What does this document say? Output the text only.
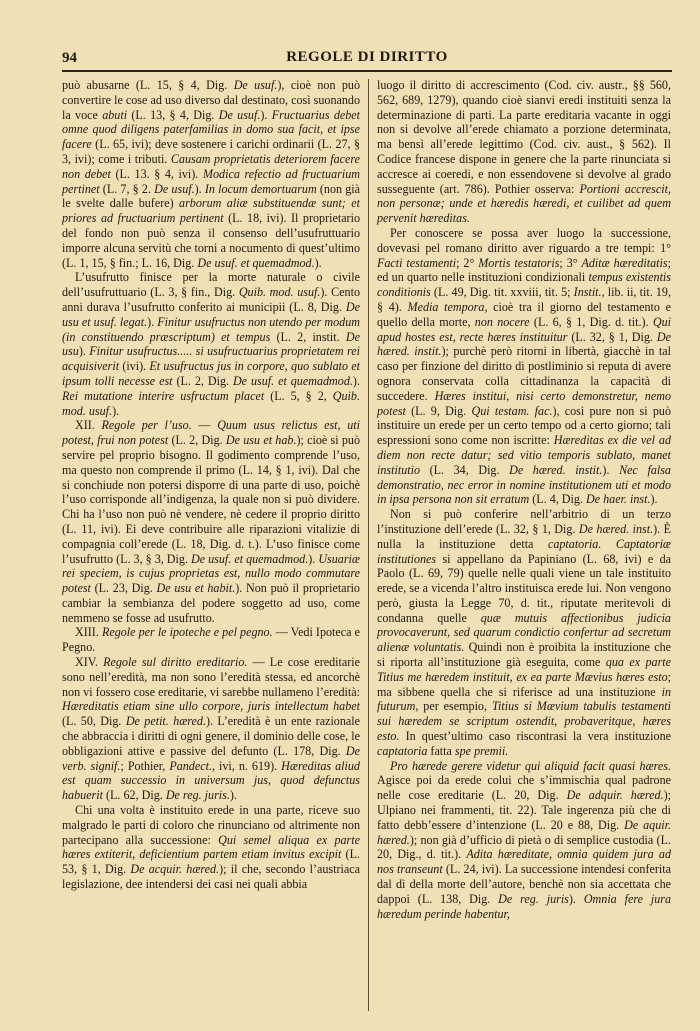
94	REGOLE DI DIRITTO

può abusarne (L. 15, § 4, Dig. De usuf.), cioè non può convertire le cose ad uso diverso dal destinato, così suonando la voce abuti (L. 13, § 4, Dig. De usuf.). Fructuarius debet omne quod diligens paterfamilias in domo sua facit, et ipse facere (L. 65, ivi); deve sostenere i carichi ordinarii (L. 27, § 3, ivi); come i tributi. Causam proprietatis deteriorem facere non debet (L. 13. § 4, ivi). Modica refectio ad fructuarium pertinet (L. 7, § 2. De usuf.). In locum demortuarum (non già le svelte dalle bufere) arborum aliæ substituendæ sunt; et priores ad fructuarium pertinent (L. 18, ivi). Il proprietario del fondo non può senza il consenso dell’usufruttuario imporre alcuna servitù che torni a nocumento di quest’ultimo (L. 1, 15, § fin.; L. 16, Dig. De usuf. et quemadmod.).

L’usufrutto finisce per la morte naturale o civile dell’usufruttuario (L. 3, § fin., Dig. Quib. mod. usuf.). Cento anni durava l’usufrutto conferito ai municipii (L. 8, Dig. De usu et usuf. legat.). Finitur usufructus non utendo per modum (in constituendo præscriptum) et tempus (L. 2, instit. De usu). Finitur usufructus..... si usufructuarius proprietatem rei acquisiverit (ivi). Et usufructus jus in corpore, quo sublato et ipsum tolli necesse est (L. 2, Dig. De usuf. et quemadmod.). Rei mutatione interire usfructum placet (L. 5, § 2, Quib. mod. usuf.).

XII. Regole per l’uso. — Quum usus relictus est, uti potest, frui non potest (L. 2, Dig. De usu et hab.); cioè si può servire pel proprio bisogno. Il godimento comprende l’uso, ma questo non comprende il primo (L. 14, § 1, ivi). Dal che si conchiude non potersi disporre di una parte di uso, poichè l’uso corrisponde all’indigenza, la quale non si può dividere. Chi ha l’uso non può nè vendere, nè cedere il proprio diritto (L. 11, ivi). Ei deve contribuire alle riparazioni vitalizie di compagnia coll’erede (L. 18, Dig. d. t.). L’uso finisce come l’usufrutto (L. 3, § 3, Dig. De usuf. et quemadmod.). Usuariæ rei speciem, is cujus proprietas est, nullo modo commutare potest (L. 23, Dig. De usu et habit.). Non può il proprietario cambiar la sembianza del podere soggetto ad uso, come nemmeno se fosse ad usufrutto.

XIII. Regole per le ipoteche e pel pegno. — Vedi Ipoteca e Pegno.

XIV. Regole sul diritto ereditario. — Le cose ereditarie sono nell’eredità, ma non sono l’eredità stessa, ed ancorchè non vi fossero cose ereditarie, vi sarebbe nullameno l’eredità: Hæreditatis etiam sine ullo corpore, juris intellectum habet (L. 50, Dig. De petit. hæred.). L’eredità è un ente razionale che abbraccia i diritti di ogni genere, il dominio delle cose, le obbligazioni attive e passive del defunto (L. 178, Dig. De verb. signif.; Pothier, Pandect., ivi, n. 619). Hæreditas aliud est quam successio in universum jus, quod defunctus habuerit (L. 62, Dig. De reg. juris.).

Chi una volta è instituito erede in una parte, riceve suo malgrado le parti di coloro che rinunciano od altrimente non partecipano alla successione: Qui semel aliqua ex parte hæres extiterit, deficientium partem etiam invitus excipit (L. 53, § 1, Dig. De acquir. hæred.); il che, secondo l’austriaca legislazione, dee intendersi dei casi nei quali abbia

luogo il diritto di accrescimento (Cod. civ. austr., §§ 560, 562, 689, 1279), quando cioè sianvi eredi instituiti senza la determinazione di parti. La parte ereditaria vacante in oggi non si devolve all’erede chiamato a porzione determinata, ma bensì all’erede legittimo (Cod. civ. aust., § 562). Il Codice francese dispone in genere che la parte rinunciata si accresce ai coeredi, e non essendovene si devolve al grado susseguente (art. 786). Pothier osserva: Portioni accrescit, non personæ; unde et hæredis hæredi, et cuilibet ad quem pervenit hæreditas.

Per conoscere se possa aver luogo la successione, dovevasi pel romano diritto aver riguardo a tre tempi: 1° Facti testamenti; 2° Mortis testatoris; 3° Aditæ hæreditatis; ed un quarto nelle instituzioni condizionali tempus existentis conditionis (L. 49, Dig. tit. xxviii, tit. 5; Instit., lib. ii, tit. 19, § 4). Media tempora, cioè tra il giorno del testamento e quello della morte, non nocere (L. 6, § 1, Dig. d. tit.). Qui apud hostes est, recte hæres instituitur (L. 32, § 1, Dig. De hæred. instit.); purchè però ritorni in libertà, giacchè in tal caso per finzione del diritto di postliminio si reputa di avere ognora conservata colla cittadinanza la capacità di succedere. Hæres institui, nisi certo demonstretur, nemo potest (L. 9, Dig. Qui testam. fac.), così pure non si può instituire un erede per un certo tempo od a certo giorno; tali espressioni sono come non iscritte: Hæreditas ex die vel ad diem non recte datur; sed vitio temporis sublato, manet institutio (L. 34, Dig. De hæred. instit.). Nec falsa demonstratio, nec error in nomine institutionem uti et modo in ipsa persona non sit erratum (L. 4, Dig. De haer. inst.).

Non si può conferire nell’arbitrio di un terzo l’instituzione dell’erede (L. 32, § 1, Dig. De hæred. inst.). È nulla la instituzione detta captatoria. Captatoriæ institutiones si appellano da Papiniano (L. 68, ivi) e da Paolo (L. 69, 79) quelle nelle quali viene un tale instituito erede, se a vicenda l’altro instituisca erede lui. Non vengono però, giusta la Legge 70, d. tit., riputate meritevoli di condanna quelle quæ mutuis affectionibus judicia provocaverunt, sed quarum condictio confertur ad secretum alienæ voluntatis. Quindi non è proibita la instituzione che si riporta all’instituzione già eseguita, come qua ex parte Titius me hæredem instituit, ex ea parte Mævius hæres esto; ma sibbene quella che si riferisce ad una instituzione in futurum, per esempio, Titius si Mævium tabulis testamenti sui hæredem se scriptum ostendit, probaveritque, hæres esto. In quest’ultimo caso riscontrasi la vera instituzione captatoria fatta spe premii.

Pro hærede gerere videtur qui aliquid facit quasi hæres. Agisce poi da erede colui che s’immischia qual padrone nelle cose ereditarie (L. 20, Dig. De adquir. hæred.); Ulpiano nei frammenti, tit. 22). Tale ingerenza più che di fatto debb’essere d’intenzione (L. 20 e 88, Dig. De aquir. hæred.); non già d’ufficio di pietà o di semplice custodia (L. 20, Dig., d. tit.). Adita hæreditate, omnia quidem jura ad nos transeunt (L. 24, ivi). La successione intendesi conferita dal dì della morte dell’autore, benchè non sia accettata che dappoi (L. 138, Dig. De reg. juris). Omnia fere jura hæredum perinde habentur,
